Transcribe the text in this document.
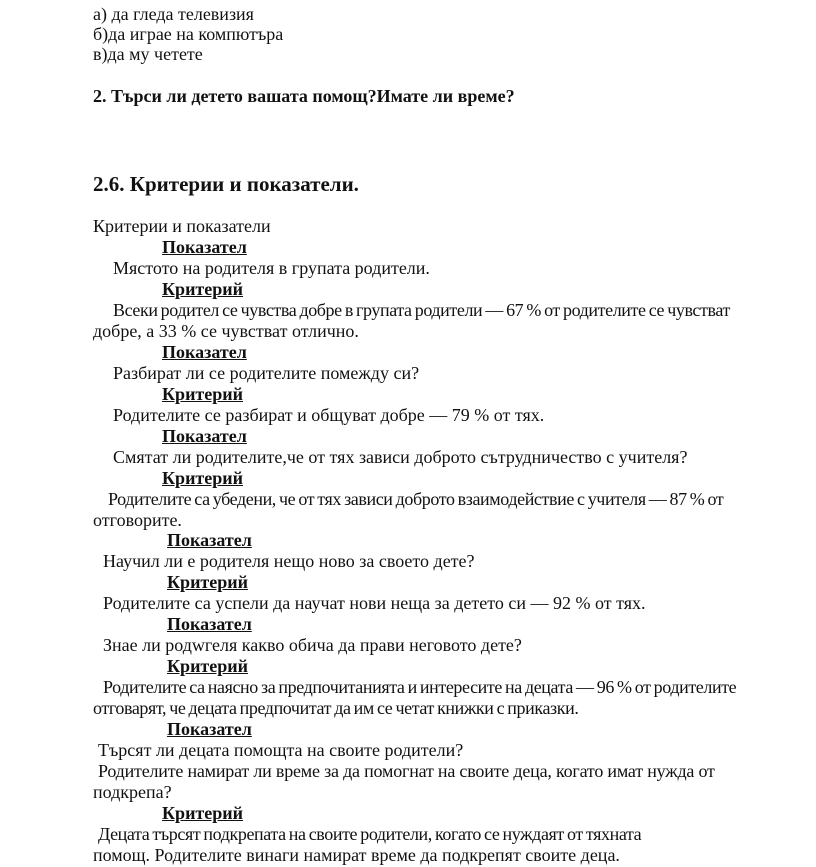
а) да гледа телевизия
б)да играе на компютъра
в)да му четете
2. Търси ли детето вашата помощ?Имате ли време?
2.6. Критерии и показатели.
Критерии и показатели
Показател
Мястото на родителя в групата родители.
Критерий
Всеки родител се чувства добре в групата родители — 67 % от родителите се чувстват
добре, а 33 % се чувстват отлично.
Показател
Разбират ли се родителите помежду си?
Критерий
Родителите се разбират и общуват добре — 79 % от тях.
Показател
Смятат ли родителите,че от тях зависи доброто сътрудничество с учителя?
Критерий
Родителите са убедени, че от тях зависи доброто взаимодействие с учителя — 87 % от
отговорите.
Показател
Научил ли е родителя нещо ново за своето дете?
Критерий
Родителите са успели да научат нови неща за детето си — 92 % от тях.
Показател
Знае ли родwгеля какво обича да прави неговото дете?
Критерий
Родителите са наясно за предпочитанията и интересите на децата — 96 % от родителите
отговарят, че децата предпочитат да им се четат книжки с приказки.
Показател
Търсят ли децата помощта на своите родители?
Родителите намират ли време за да помогнат на своите деца, когато имат нужда от
подкрепа?
Критерий
Децата търсят подкрепата на своите родители, когато се нуждаят от тяхната
помощ. Родителите винаги намират време да подкрепят своите деца.
